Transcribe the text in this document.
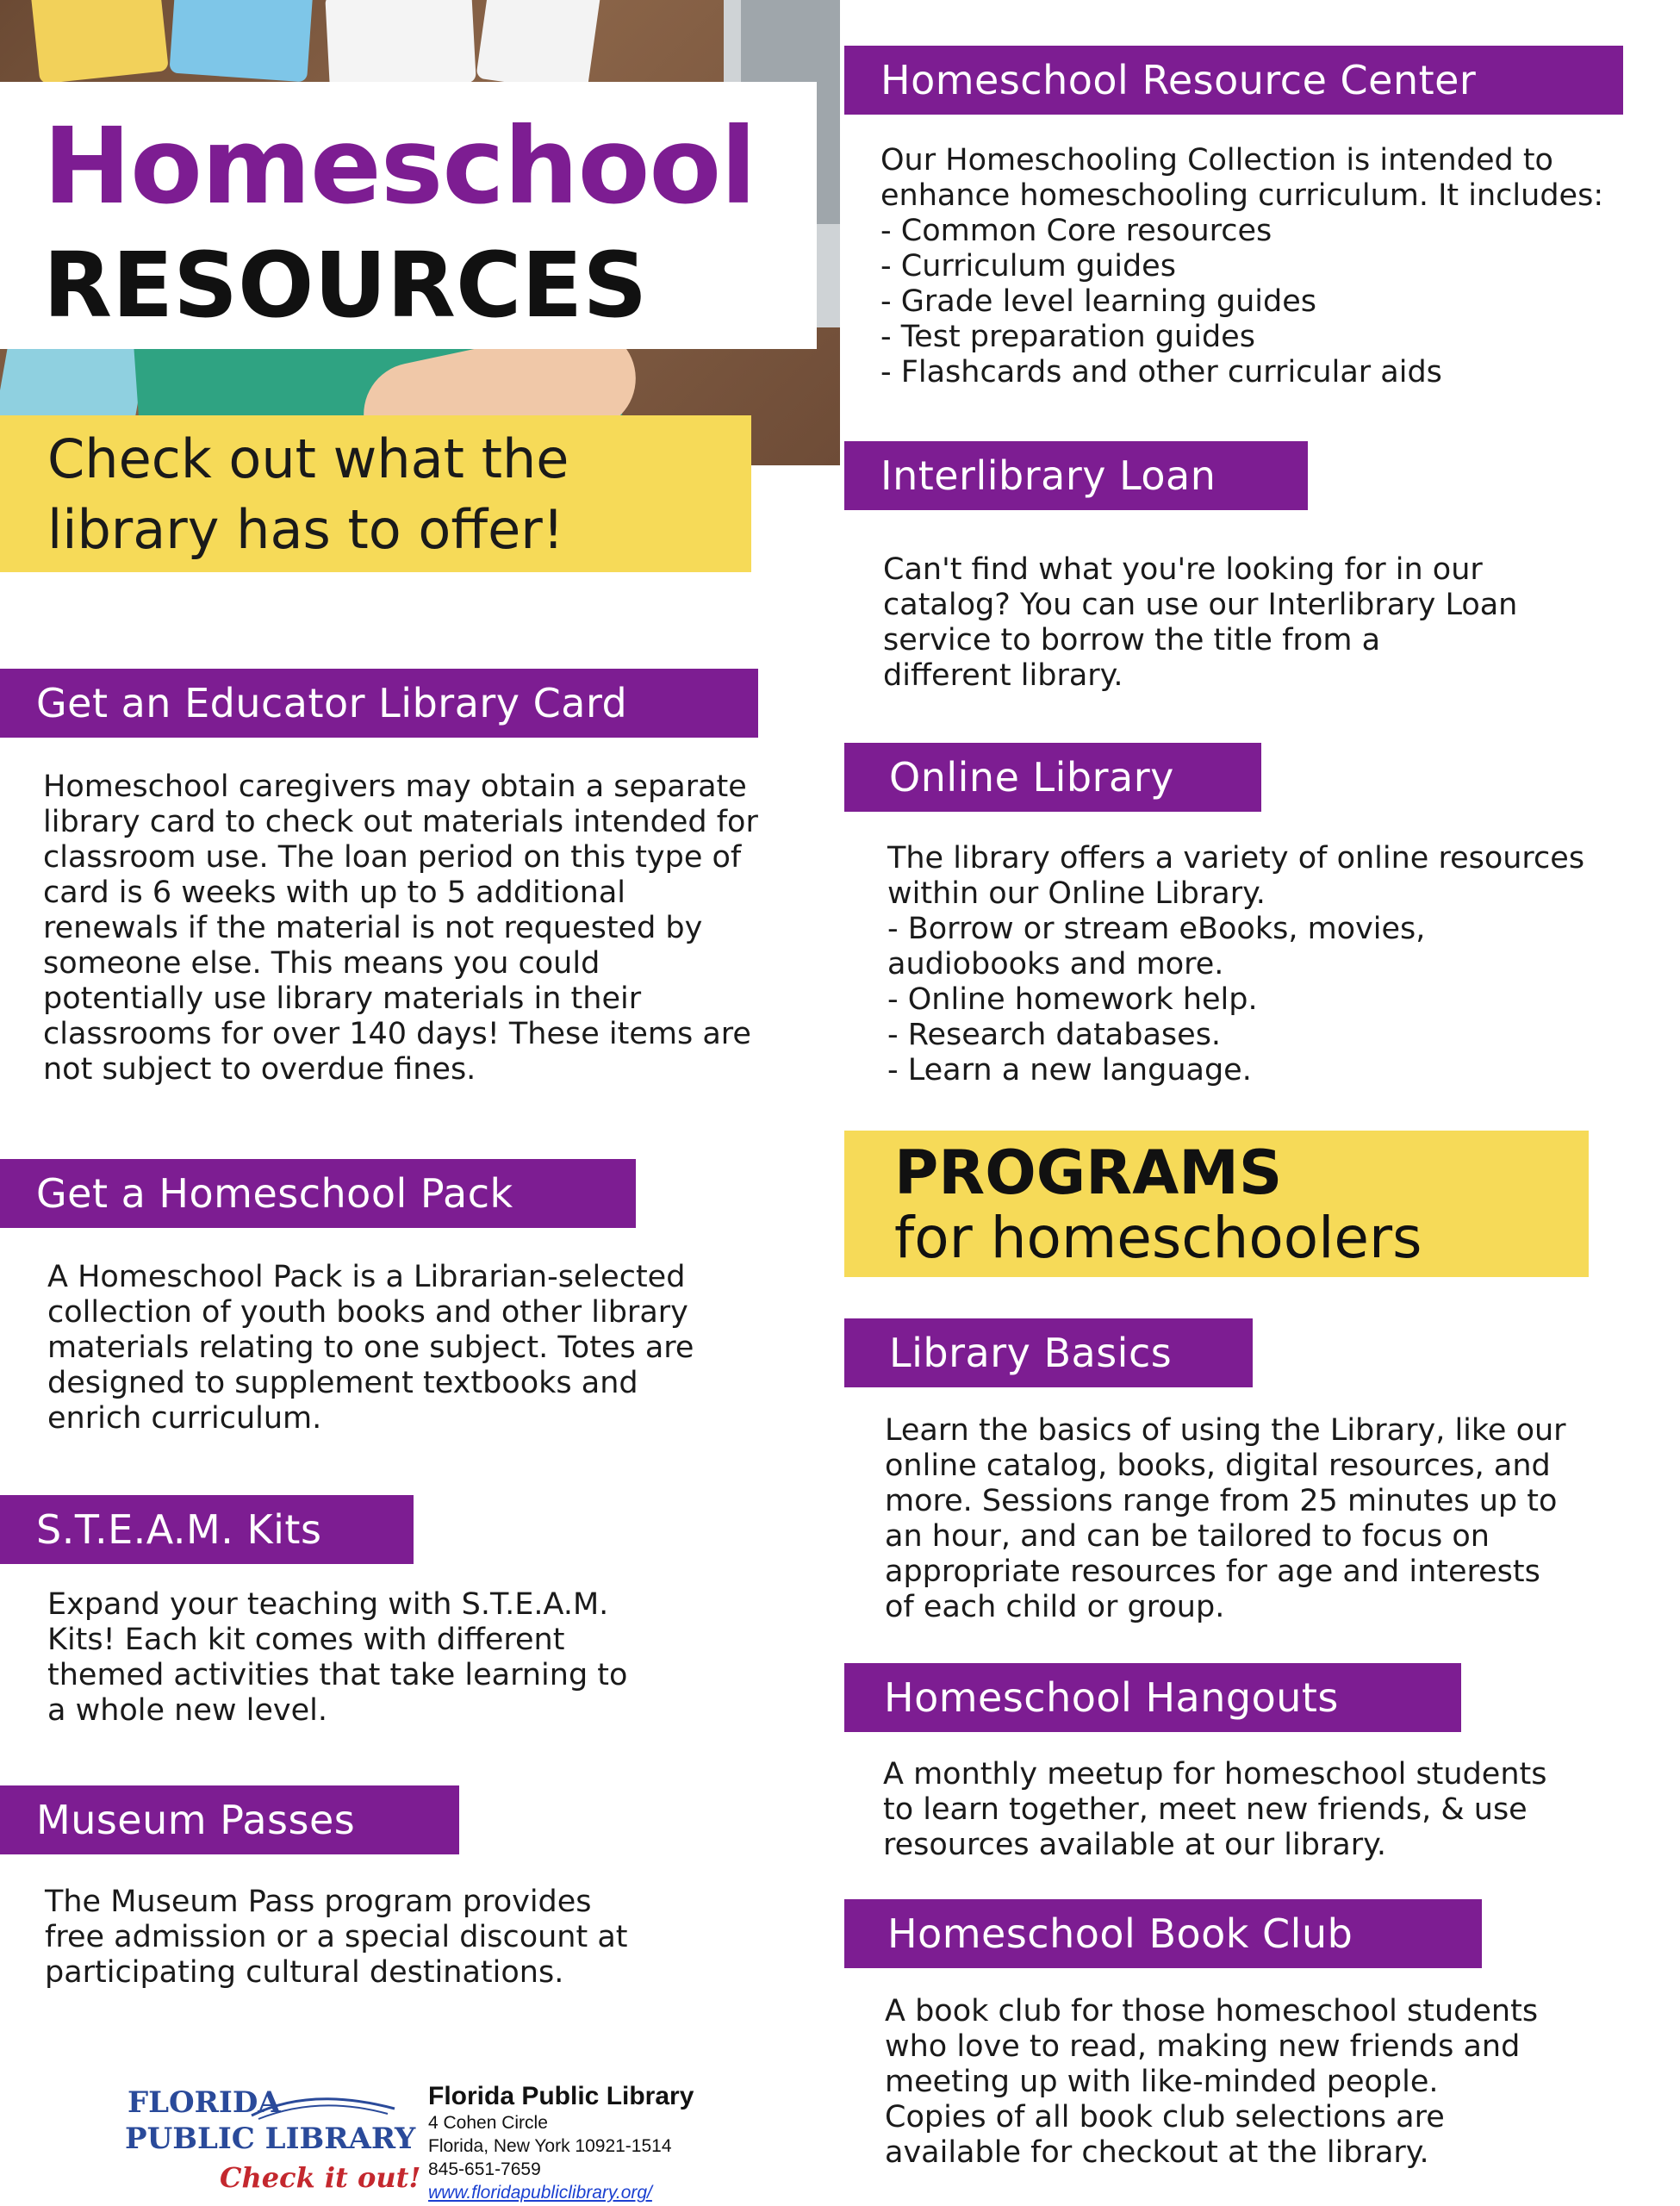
Homeschool
RESOURCES
Check out what the
library has to offer!
Get an Educator Library Card
Homeschool caregivers may obtain a separate
library card to check out materials intended for
classroom use. The loan period on this type of
card is 6 weeks with up to 5 additional
renewals if the material is not requested by
someone else. This means you could
potentially use library materials in their
classrooms for over 140 days! These items are
not subject to overdue fines.
Get a Homeschool Pack
A Homeschool Pack is a Librarian-selected
collection of youth books and other library
materials relating to one subject. Totes are
designed to supplement textbooks and
enrich curriculum.
S.T.E.A.M. Kits
Expand your teaching with S.T.E.A.M.
Kits! Each kit comes with different
themed activities that take learning to
a whole new level.
Museum Passes
The Museum Pass program provides
free admission or a special discount at
participating cultural destinations.
Homeschool Resource Center
Our Homeschooling Collection is intended to
enhance homeschooling curriculum. It includes:
- Common Core resources
- Curriculum guides
- Grade level learning guides
- Test preparation guides
- Flashcards and other curricular aids
Interlibrary Loan
Can't find what you're looking for in our
catalog? You can use our Interlibrary Loan
service to borrow the title from a
different library.
Online Library
The library offers a variety of online resources
within our Online Library.
- Borrow or stream eBooks, movies,
audiobooks and more.
- Online homework help.
- Research databases.
- Learn a new language.
PROGRAMS
for homeschoolers
Library Basics
Learn the basics of using the Library, like our
online catalog, books, digital resources, and
more. Sessions range from 25 minutes up to
an hour, and can be tailored to focus on
appropriate resources for age and interests
of each child or group.
Homeschool Hangouts
A monthly meetup for homeschool students
to learn together, meet new friends, & use
resources available at our library.
Homeschool Book Club
A book club for those homeschool students
who love to read, making new friends and
meeting up with like-minded people.
Copies of all book club selections are
available for checkout at the library.
FLORIDA
PUBLIC LIBRARY
Check it out!
Florida Public Library
4 Cohen Circle
Florida, New York 10921-1514
845-651-7659
www.floridapubliclibrary.org/
